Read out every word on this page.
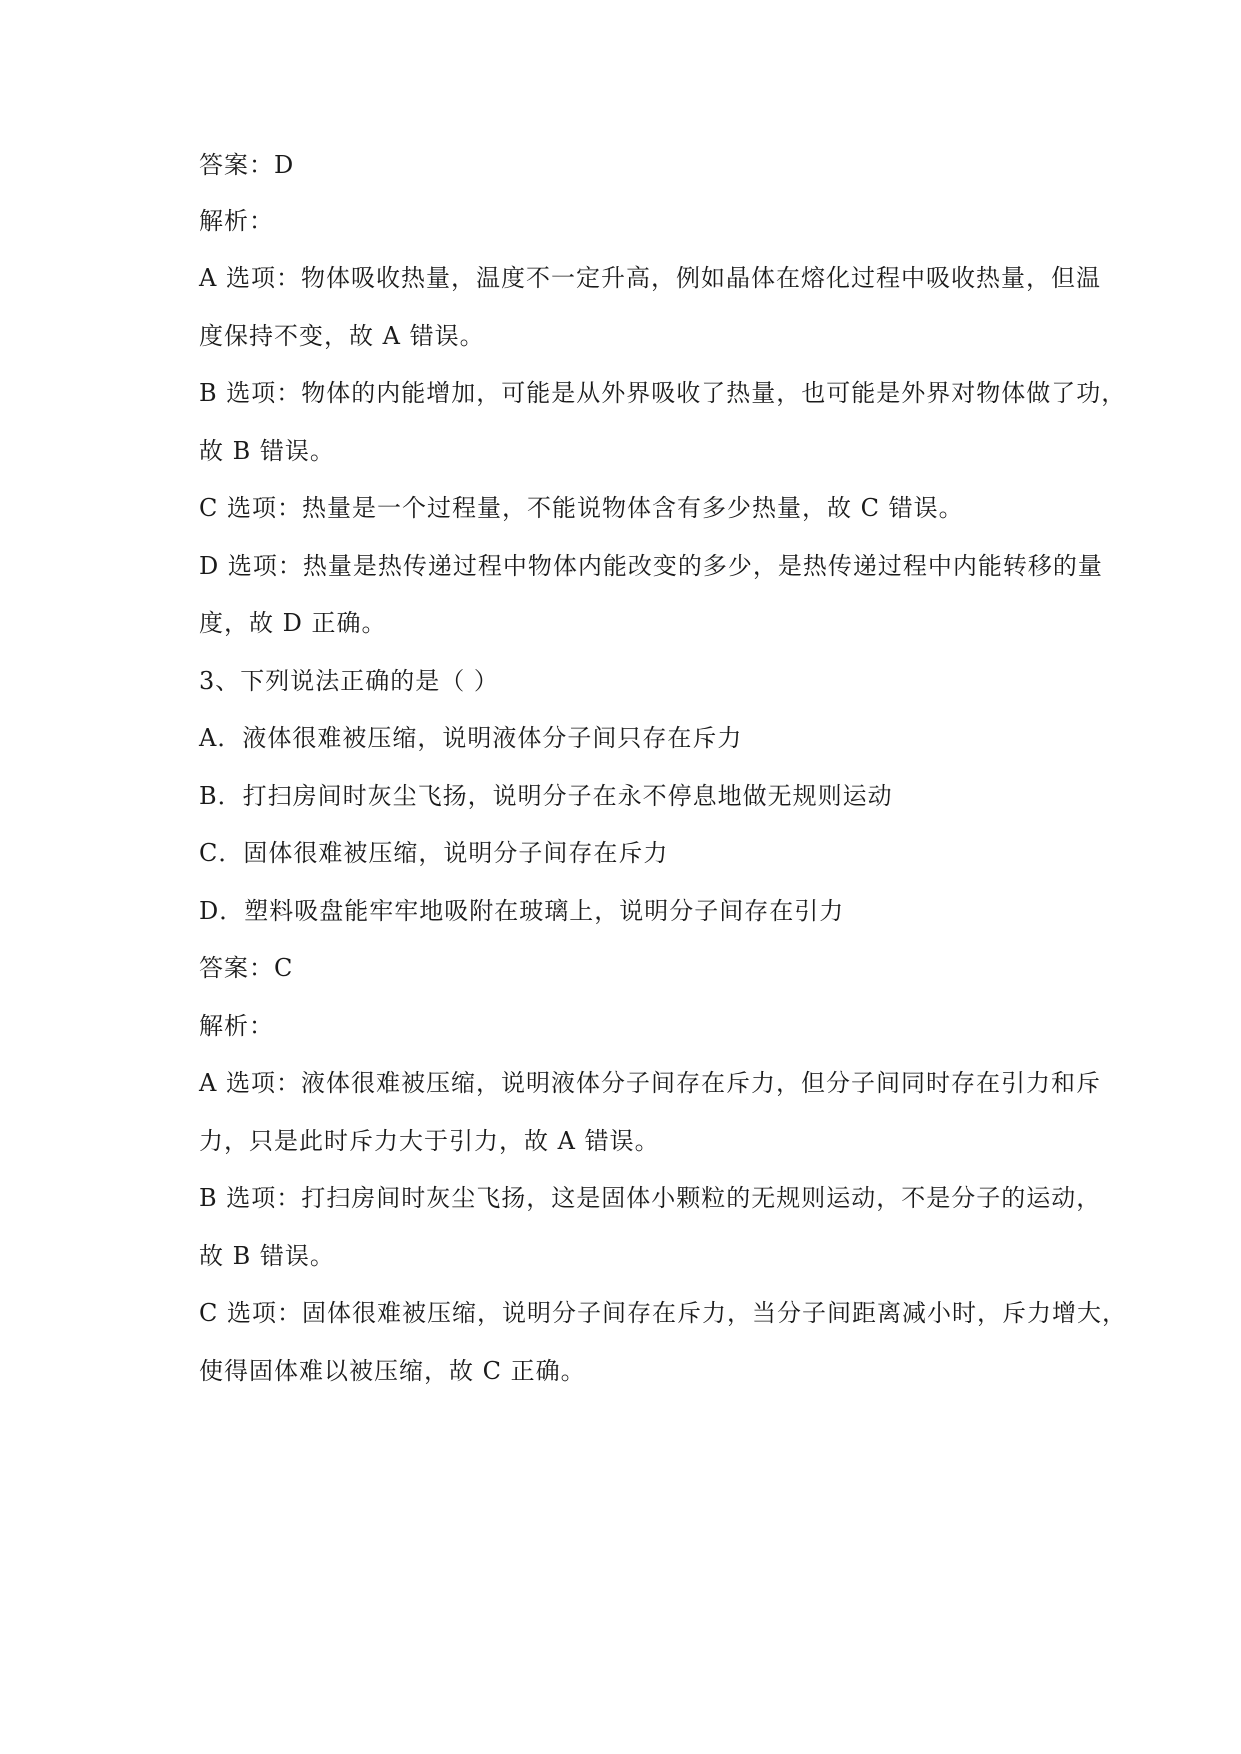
答案：D
解析：
A 选项：物体吸收热量，温度不一定升高，例如晶体在熔化过程中吸收热量，但温
度保持不变，故 A 错误。
B 选项：物体的内能增加，可能是从外界吸收了热量，也可能是外界对物体做了功，
故 B 错误。
C 选项：热量是一个过程量，不能说物体含有多少热量，故 C 错误。
D 选项：热量是热传递过程中物体内能改变的多少，是热传递过程中内能转移的量
度，故 D 正确。
3、下列说法正确的是（ ）
A．液体很难被压缩，说明液体分子间只存在斥力
B．打扫房间时灰尘飞扬，说明分子在永不停息地做无规则运动
C．固体很难被压缩，说明分子间存在斥力
D．塑料吸盘能牢牢地吸附在玻璃上，说明分子间存在引力
答案：C
解析：
A 选项：液体很难被压缩，说明液体分子间存在斥力，但分子间同时存在引力和斥
力，只是此时斥力大于引力，故 A 错误。
B 选项：打扫房间时灰尘飞扬，这是固体小颗粒的无规则运动，不是分子的运动，
故 B 错误。
C 选项：固体很难被压缩，说明分子间存在斥力，当分子间距离减小时，斥力增大，
使得固体难以被压缩，故 C 正确。
